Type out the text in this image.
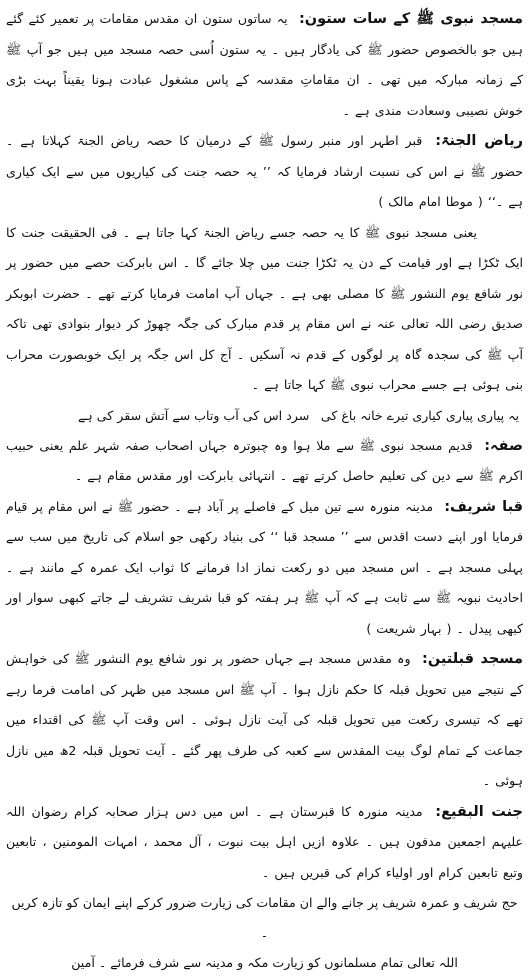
مسجد نبوی ﷺ کے سات ستون: یہ ساتوں ستون ان مقدس مقامات پر تعمیر کئے گئے ہیں جو بالخصوص حضور ﷺ کی یادگار ہیں ۔ یہ ستون اُسی حصہ مسجد میں ہیں جو آپ ﷺ کے زمانہ مبارکہ میں تھی ۔ ان مقاماتِ مقدسہ کے پاس مشغول عبادت ہونا یقیناً بہت بڑی خوش نصیبی وسعادت مندی ہے ۔

ریاض الجنۃ: قبر اطہر اور منبر رسول ﷺ کے درمیان کا حصہ ریاض الجنۃ کہلاتا ہے ۔ حضور ﷺ نے اس کی نسبت ارشاد فرمایا کہ ’’ یہ حصہ جنت کی کیاریوں میں سے ایک کیاری ہے ۔‘‘ ( موطا امام مالک )

یعنی مسجد نبوی ﷺ کا یہ حصہ جسے ریاض الجنۃ کہا جاتا ہے ۔ فی الحقیقت جنت کا ایک ٹکڑا ہے اور قیامت کے دن یہ ٹکڑا جنت میں چلا جائے گا ۔ اس بابرکت حصے میں حضور پر نور شافع یوم النشور ﷺ کا مصلی بھی ہے ۔ جہاں آپ امامت فرمایا کرتے تھے ۔ حضرت ابوبکر صدیق رضی اللہ تعالی عنہ نے اس مقام پر قدم مبارک کی جگہ چھوڑ کر دیوار بنوادی تھی تاکہ آپ ﷺ کی سجدہ گاہ پر لوگوں کے قدم نہ آسکیں ۔ آج کل اس جگہ پر ایک خوبصورت محراب بنی ہوئی ہے جسے محراب نبوی ﷺ کہا جاتا ہے ۔

یہ پیاری پیاری کیاری تیرے خانہ باغ کی
سرد اس کی آب وتاب سے آتش سقر کی ہے

صفہ: قدیم مسجد نبوی ﷺ سے ملا ہوا وہ چبوترہ جہاں اصحاب صفہ شہر علم یعنی حبیب اکرم ﷺ سے دین کی تعلیم حاصل کرتے تھے ۔ انتہائی بابرکت اور مقدس مقام ہے ۔

قبا شریف: مدینہ منورہ سے تین میل کے فاصلے پر آباد ہے ۔ حضور ﷺ نے اس مقام پر قیام فرمایا اور اپنے دست اقدس سے ’’ مسجد قبا ‘‘ کی بنیاد رکھی جو اسلام کی تاریخ میں سب سے پہلی مسجد ہے ۔ اس مسجد میں دو رکعت نماز ادا فرمانے کا ثواب ایک عمرہ کے مانند ہے ۔ احادیث نبویہ ﷺ سے ثابت ہے کہ آپ ﷺ ہر ہفتہ کو قبا شریف تشریف لے جاتے کبھی سوار اور کبھی پیدل ۔ ( بہار شریعت )

مسجد قبلتین: وہ مقدس مسجد ہے جہاں حضور پر نور شافع یوم النشور ﷺ کی خواہش کے نتیجے میں تحویل قبلہ کا حکم نازل ہوا ۔ آپ ﷺ اس مسجد میں ظہر کی امامت فرما رہے تھے کہ تیسری رکعت میں تحویل قبلہ کی آیت نازل ہوئی ۔ اس وقت آپ ﷺ کی اقتداء میں جماعت کے تمام لوگ بیت المقدس سے کعبہ کی طرف پھر گئے ۔ آیت تحویل قبلہ 2ھ میں نازل ہوئی ۔

جنت البقیع: مدینہ منورہ کا قبرستان ہے ۔ اس میں دس ہزار صحابہ کرام رضوان اللہ علیہم اجمعین مدفون ہیں ۔ علاوہ ازیں اہل بیت نبوت ، آل محمد ، امہات المومنین ، تابعین وتبع تابعین کرام اور اولیاء کرام کی قبریں ہیں ۔

حج شریف و عمرہ شریف پر جانے والے ان مقامات کی زیارت ضرور کرکے اپنے ایمان کو تازہ کریں ۔

اللہ تعالی تمام مسلمانوں کو زیارت مکہ و مدینہ سے شرف فرمائے ۔ آمین
